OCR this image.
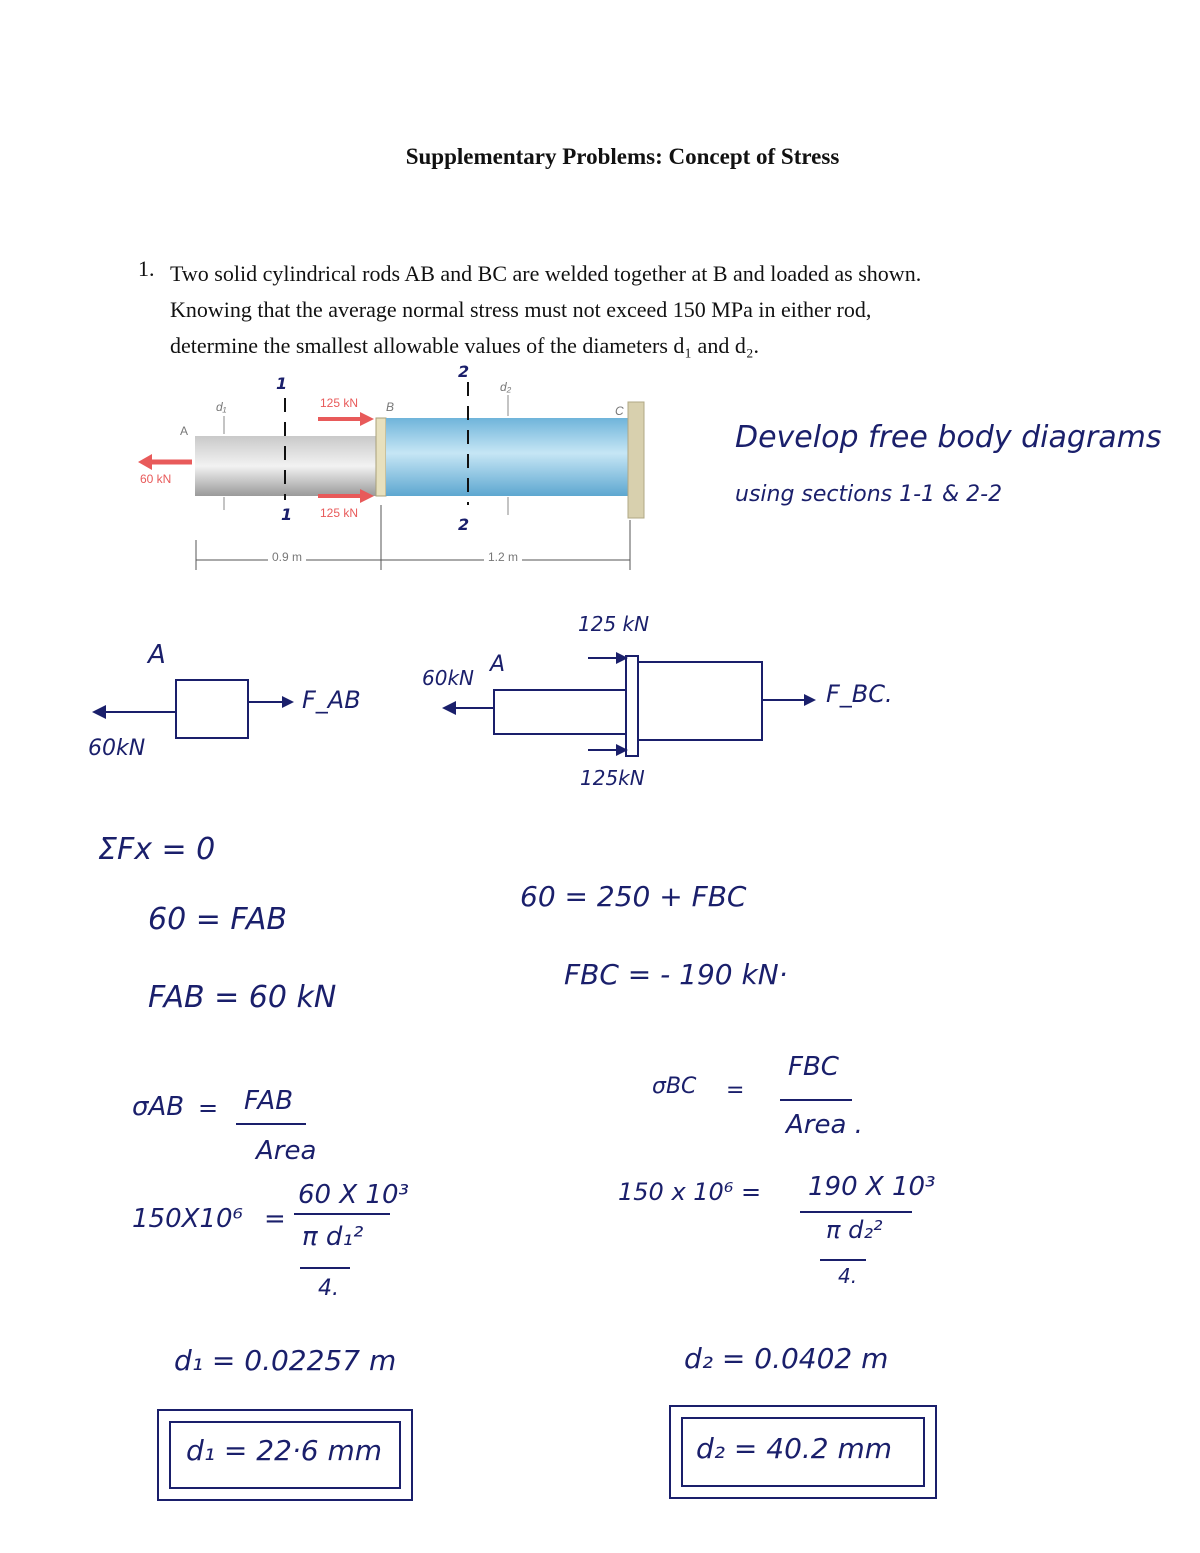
Supplementary Problems: Concept of Stress
1. Two solid cylindrical rods AB and BC are welded together at B and loaded as shown.
Knowing that the average normal stress must not exceed 150 MPa in either rod,
determine the smallest allowable values of the diameters d₁ and d₂.
60 kN
125 kN
125 kN
A
B	C
d₁
d₂
0.9 m	1.2 m
1
1
2
2
Develop free body diagrams
using sections 1-1 & 2-2
A
60kN
F_AB
125 kN
60kN
A
125kN
F_BC.
ΣFx = 0
60 = FAB
FAB = 60 kN
σAB = FAB
Area
150X10⁶ =
60 X 10³
π d₁²
4.
d₁ = 0.02257 m
d₁ = 22·6 mm
60 = 250 + FBC
FBC = - 190 kN·
σBC =
FBC
Area .
150 x 10⁶ = 190 X 10³
π d₂²
4.
d₂ = 0.0402 m
d₂ = 40.2 mm
